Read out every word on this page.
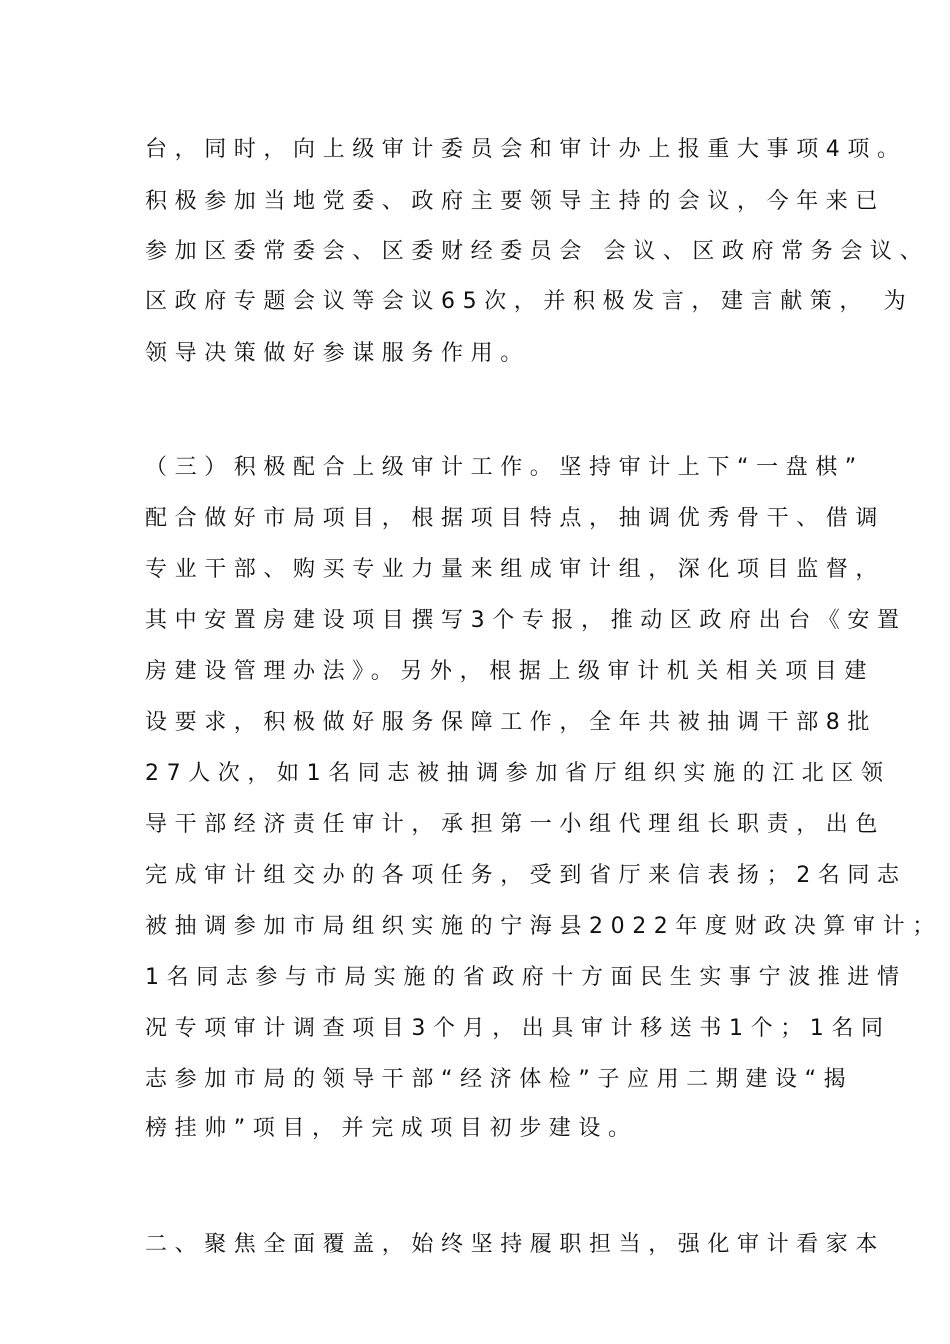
台，同时，向上级审计委员会和审计办上报重大事项4项。
积极参加当地党委、政府主要领导主持的会议，今年来已
参加区委常委会、区委财经委员会 会议、区政府常务会议、
区政府专题会议等会议65次，并积极发言，建言献策， 为
领导决策做好参谋服务作用。
（三）积极配合上级审计工作。坚持审计上下“一盘棋”
配合做好市局项目，根据项目特点，抽调优秀骨干、借调
专业干部、购买专业力量来组成审计组，深化项目监督，
其中安置房建设项目撰写3个专报，推动区政府出台《安置
房建设管理办法》。另外，根据上级审计机关相关项目建
设要求，积极做好服务保障工作，全年共被抽调干部8批
27人次，如1名同志被抽调参加省厅组织实施的江北区领
导干部经济责任审计，承担第一小组代理组长职责，出色
完成审计组交办的各项任务，受到省厅来信表扬；2名同志
被抽调参加市局组织实施的宁海县2022年度财政决算审计；
1名同志参与市局实施的省政府十方面民生实事宁波推进情
况专项审计调查项目3个月，出具审计移送书1个；1名同
志参加市局的领导干部“经济体检”子应用二期建设“揭
榜挂帅”项目，并完成项目初步建设。
二、聚焦全面覆盖，始终坚持履职担当，强化审计看家本
